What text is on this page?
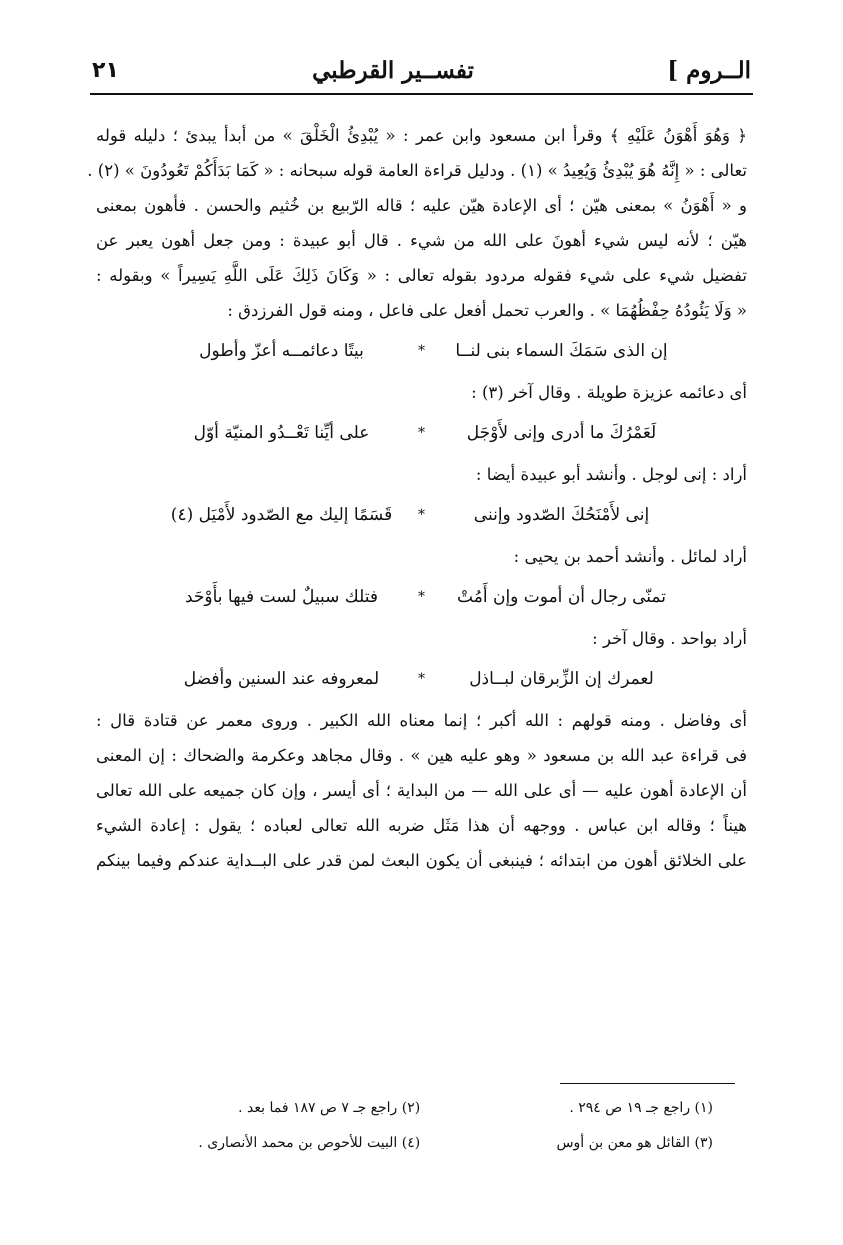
الــروم ]
تفســير القرطبي
٢١
﴿ وَهُوَ أَهْوَنُ عَلَيْهِ ﴾ وقرأ ابن مسعود وابن عمر : « يُبْدِئُ الْخَلْقَ » من أبدأ يبدئ ؛ دليله قوله
تعالى : « إِنَّهُ هُوَ يُبْدِئُ وَيُعِيدُ » (١) . ودليل قراءة العامة قوله سبحانه : « كَمَا بَدَأَكُمْ تَعُودُونَ » (٢) .
و « أَهْوَنُ » بمعنى هيّن ؛ أى الإعادة هيّن عليه ؛ قاله الرّبيع بن خُثيم والحسن . فأهون بمعنى
هيّن ؛ لأنه ليس شيء أهونَ على الله من شيء . قال أبو عبيدة : ومن جعل أهون يعبر عن
تفضيل شيء على شيء فقوله مردود بقوله تعالى : « وَكَانَ ذَلِكَ عَلَى اللَّهِ يَسِيراً » وبقوله :
« وَلَا يَئُودُهُ حِفْظُهُمَا » . والعرب تحمل أفعل على فاعل ، ومنه قول الفرزدق :
إن الذى سَمَكَ السماء بنى لنــا
*
بيتًا دعائمــه أعزّ وأطول
أى دعائمه عزيزة طويلة . وقال آخر (٣) :
لَعَمْرُكَ ما أدرى وإنى لأَوْجَل
*
على أيِّنا تَعْــدُو المنيّة أوّل
أراد : إنى لوجل . وأنشد أبو عبيدة أيضا :
إنى لأَمْنَحُكَ الصّدود وإننى
*
قَسَمًا إليك مع الصّدود لأَمْيَل (٤)
أراد لمائل . وأنشد أحمد بن يحيى :
تمنّى رجال أن أموت وإن أَمُتْ
*
فتلك سبيلٌ لست فيها بأَوْحَد
أراد بواحد . وقال آخر :
لعمرك إن الزِّبرقان لبــاذل
*
لمعروفه عند السنين وأفضل
أى وفاضل . ومنه قولهم : الله أكبر ؛ إنما معناه الله الكبير . وروى معمر عن قتادة قال :
فى قراءة عبد الله بن مسعود « وهو عليه هين » . وقال مجاهد وعكرمة والضحاك : إن المعنى
أن الإعادة أهون عليه — أى على الله — من البداية ؛ أى أيسر ، وإن كان جميعه على الله تعالى
هيناً ؛ وقاله ابن عباس . ووجهه أن هذا مَثَل ضربه الله تعالى لعباده ؛ يقول : إعادة الشيء
على الخلائق أهون من ابتدائه ؛ فينبغى أن يكون البعث لمن قدر على البــداية عندكم وفيما بينكم
(١) راجع جـ ١٩ ص ٢٩٤ .
(٢) راجع جـ ٧ ص ١٨٧ فما بعد .
(٣) القائل هو معن بن أوس
(٤) البيت للأحوص بن محمد الأنصارى .
